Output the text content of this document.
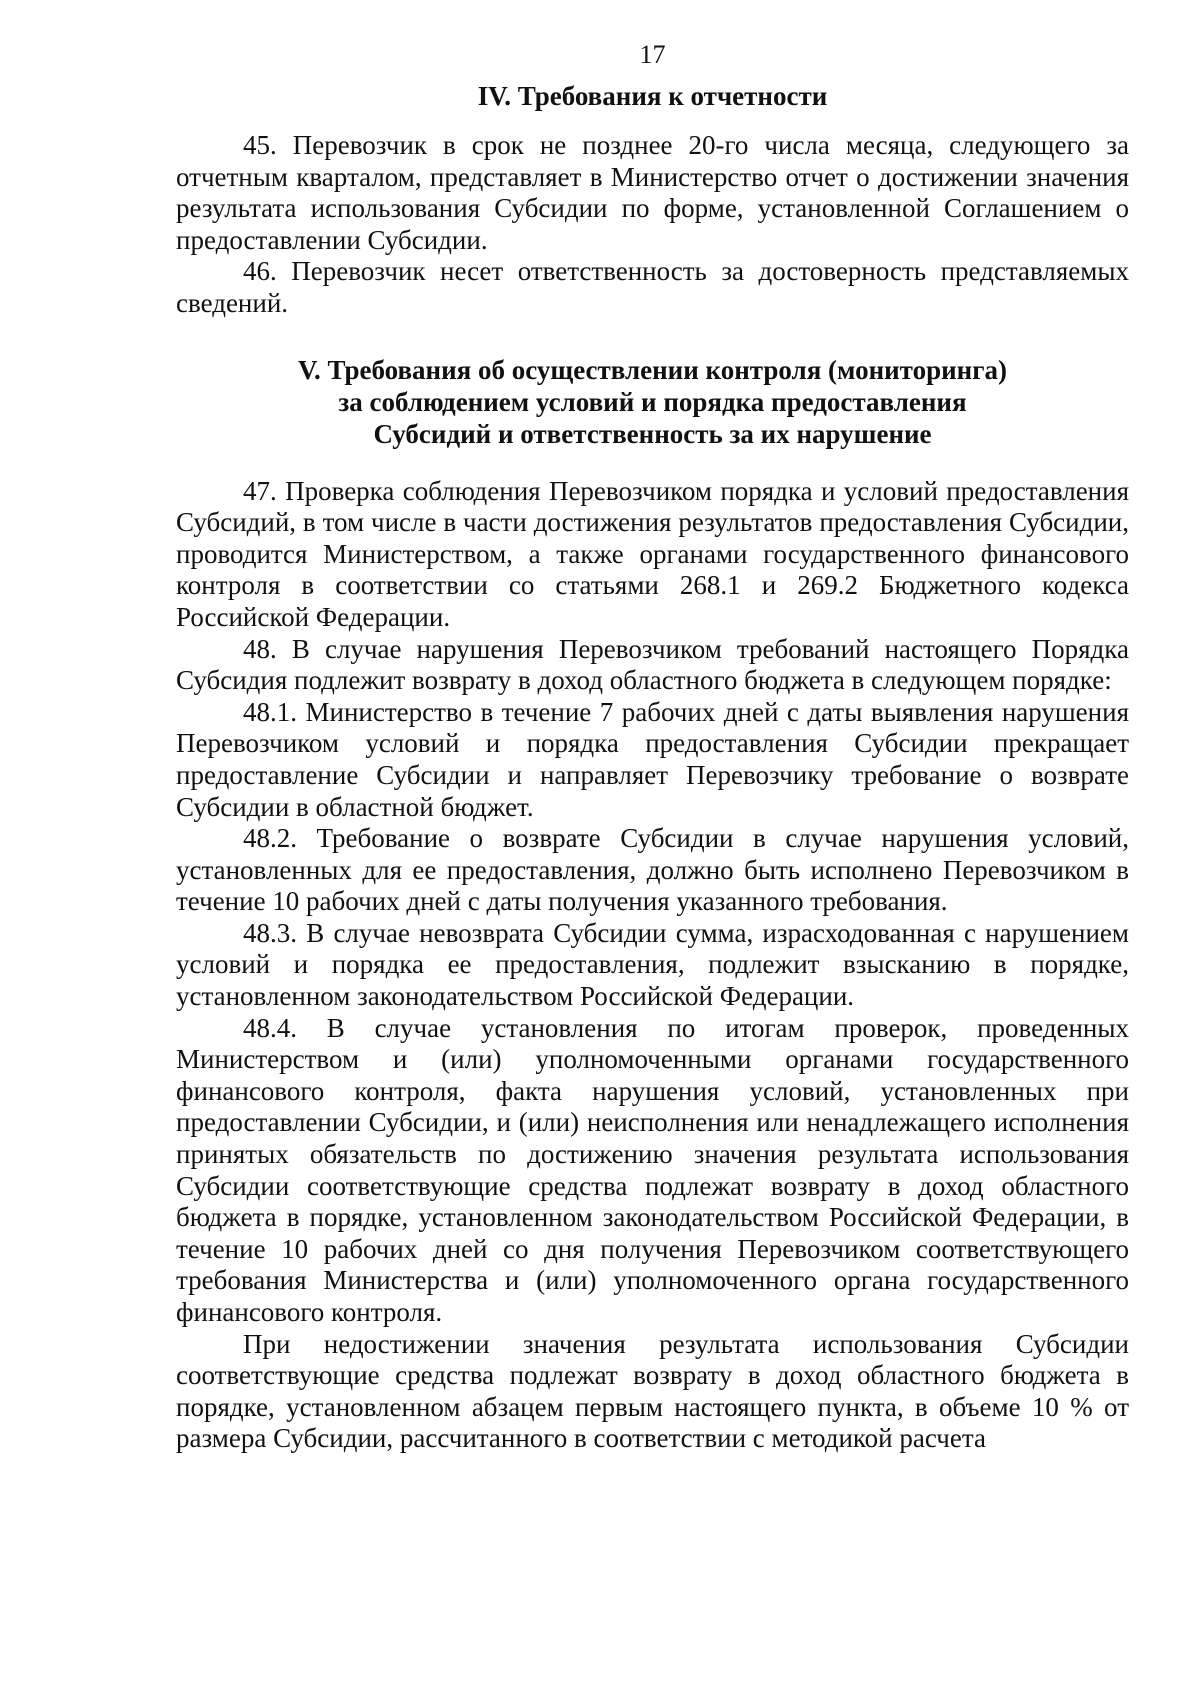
17
IV. Требования к отчетности

45. Перевозчик в срок не позднее 20-го числа месяца, следующего за отчетным кварталом, представляет в Министерство отчет о достижении значения результата использования Субсидии по форме, установленной Соглашением о предоставлении Субсидии.

46. Перевозчик несет ответственность за достоверность представляемых сведений.

V. Требования об осуществлении контроля (мониторинга)
за соблюдением условий и порядка предоставления
Субсидий и ответственность за их нарушение

47. Проверка соблюдения Перевозчиком порядка и условий предоставления Субсидий, в том числе в части достижения результатов предоставления Субсидии, проводится Министерством, а также органами государственного финансового контроля в соответствии со статьями 268.1 и 269.2 Бюджетного кодекса Российской Федерации.

48. В случае нарушения Перевозчиком требований настоящего Порядка Субсидия подлежит возврату в доход областного бюджета в следующем порядке:

48.1. Министерство в течение 7 рабочих дней с даты выявления нарушения Перевозчиком условий и порядка предоставления Субсидии прекращает предоставление Субсидии и направляет Перевозчику требование о возврате Субсидии в областной бюджет.

48.2. Требование о возврате Субсидии в случае нарушения условий, установленных для ее предоставления, должно быть исполнено Перевозчиком в течение 10 рабочих дней с даты получения указанного требования.

48.3. В случае невозврата Субсидии сумма, израсходованная с нарушением условий и порядка ее предоставления, подлежит взысканию в порядке, установленном законодательством Российской Федерации.

48.4. В случае установления по итогам проверок, проведенных Министерством и (или) уполномоченными органами государственного финансового контроля, факта нарушения условий, установленных при предоставлении Субсидии, и (или) неисполнения или ненадлежащего исполнения принятых обязательств по достижению значения результата использования Субсидии соответствующие средства подлежат возврату в доход областного бюджета в порядке, установленном законодательством Российской Федерации, в течение 10 рабочих дней со дня получения Перевозчиком соответствующего требования Министерства и (или) уполномоченного органа государственного финансового контроля.

При недостижении значения результата использования Субсидии соответствующие средства подлежат возврату в доход областного бюджета в порядке, установленном абзацем первым настоящего пункта, в объеме 10 % от размера Субсидии, рассчитанного в соответствии с методикой расчета
